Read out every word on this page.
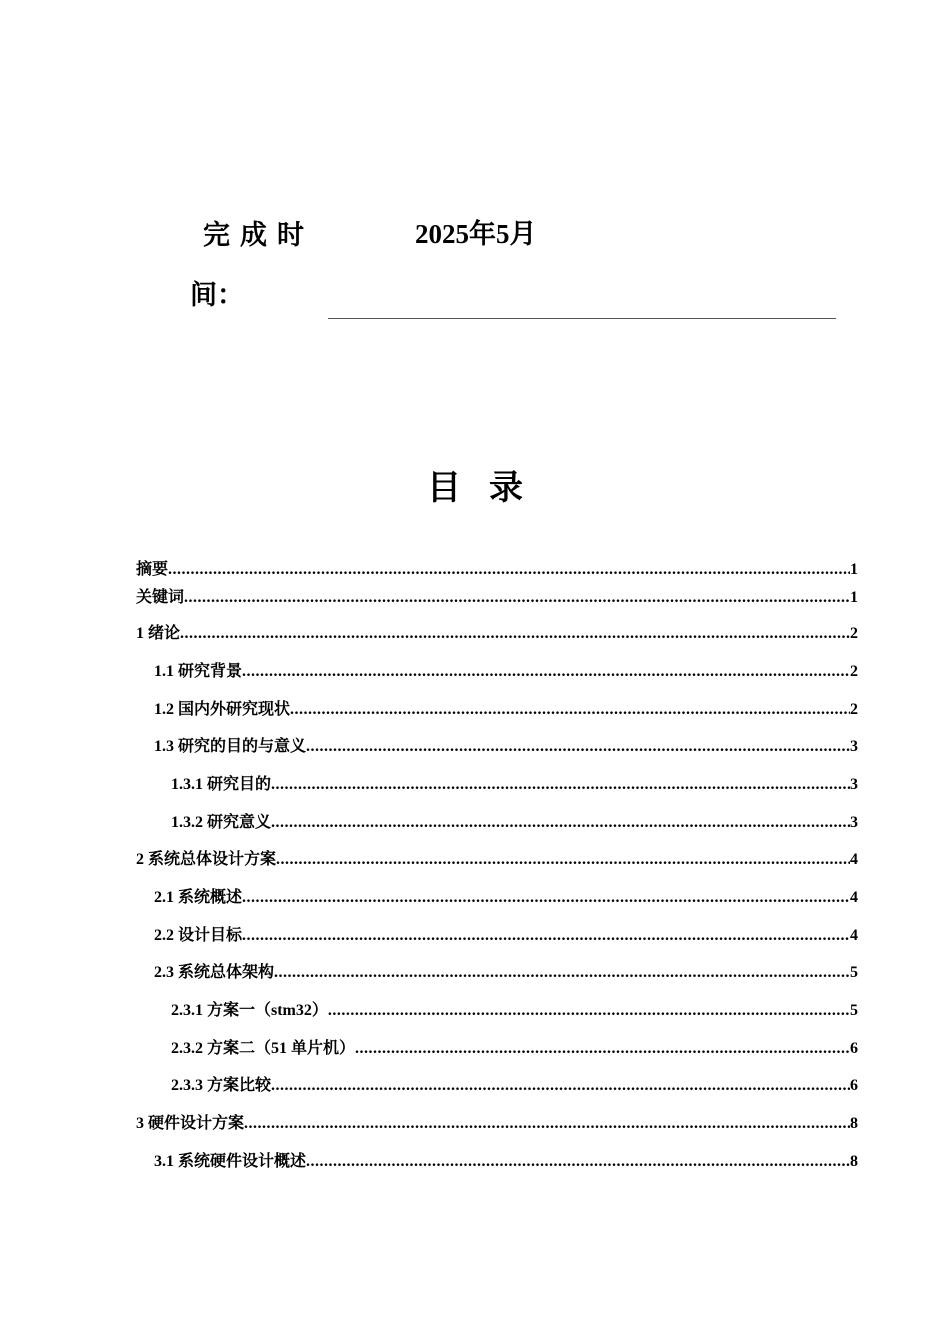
完成时
间：
2025年5月
目录
摘要 .....	1
关键词 .....	1
1 绪论 .....	2
1.1 研究背景 .....	2
1.2 国内外研究现状 .....	2
1.3 研究的目的与意义 .....	3
1.3.1 研究目的 .....	3
1.3.2 研究意义 .....	3
2 系统总体设计方案 .....	4
2.1 系统概述 .....	4
2.2 设计目标 .....	4
2.3 系统总体架构 .....	5
2.3.1 方案一（stm32） .....	5
2.3.2 方案二（51 单片机） .....	6
2.3.3 方案比较 .....	6
3 硬件设计方案 .....	8
3.1 系统硬件设计概述 .....	8
